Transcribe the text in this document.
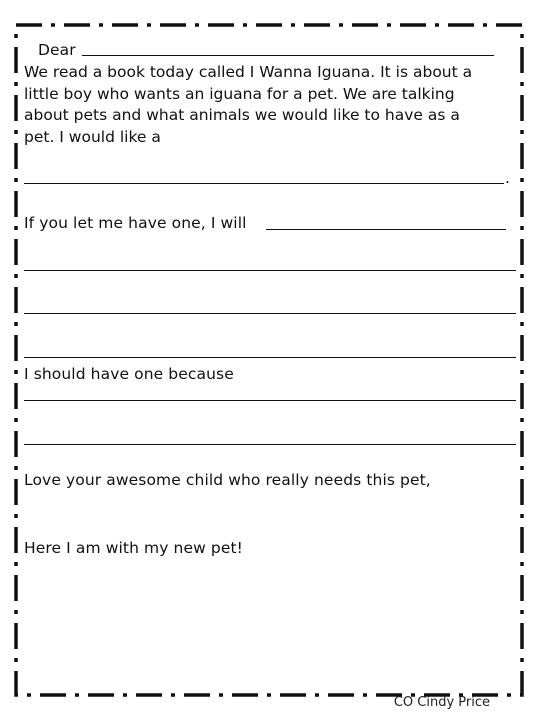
Dear
We read a book today called I Wanna Iguana. It is about a
little boy who wants an iguana for a pet. We are talking
about pets and what animals we would like to have as a
pet. I would like a
.
If you let me have one, I will
I should have one because
Love your awesome child who really needs this pet,
Here I am with my new pet!
CO Cindy Price
